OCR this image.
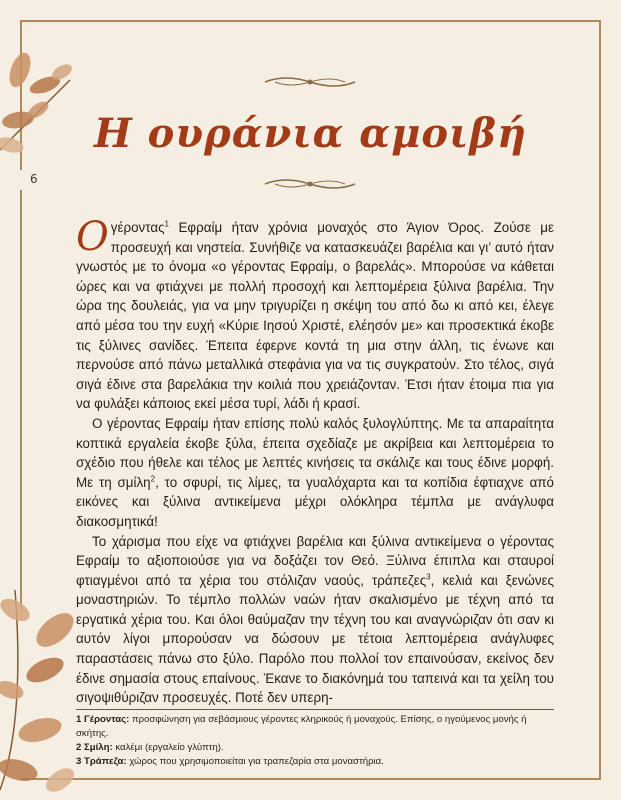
Η ουράνια αμοιβή
6

Ογέροντας$^1$ Εφραίμ ήταν χρόνια μοναχός στο Άγιον Όρος. Ζούσε με προσευχή και νηστεία. Συνήθιζε να κατασκευάζει βαρέλια και γι’ αυτό ήταν γνωστός με το όνομα «ο γέροντας Εφραίμ, ο βαρελάς». Μπορούσε να κάθεται ώρες και να φτιάχνει με πολλή προσοχή και λεπτομέρεια ξύλινα βαρέλια. Την ώρα της δουλειάς, για να μην τριγυρίζει η σκέψη του από δω κι από κει, έλεγε από μέσα του την ευχή «Κύριε Ιησού Χριστέ, ελέησόν με» και προσεκτικά έκοβε τις ξύλινες σανίδες. Έπειτα έφερνε κοντά τη μια στην άλλη, τις ένωνε και περνούσε από πάνω μεταλλικά στεφάνια για να τις συγκρατούν. Στο τέλος, σιγά σιγά έδινε στα βαρελάκια την κοιλιά που χρειάζονταν. Έτσι ήταν έτοιμα πια για να φυλάξει κάποιος εκεί μέσα τυρί, λάδι ή κρασί.

Ο γέροντας Εφραίμ ήταν επίσης πολύ καλός ξυλογλύπτης. Με τα απαραίτητα κοπτικά εργαλεία έκοβε ξύλα, έπειτα σχεδίαζε με ακρίβεια και λεπτομέρεια το σχέδιο που ήθελε και τέλος με λεπτές κινήσεις τα σκάλιζε και τους έδινε μορφή. Με τη σμίλη$^2$, το σφυρί, τις λίμες, τα γυαλόχαρτα και τα κοπίδια έφτιαχνε από εικόνες και ξύλινα αντικείμενα μέχρι ολόκληρα τέμπλα με ανάγλυφα διακοσμητικά!

Το χάρισμα που είχε να φτιάχνει βαρέλια και ξύλινα αντικείμενα ο γέροντας Εφραίμ το αξιοποιούσε για να δοξάζει τον Θεό. Ξύλινα έπιπλα και σταυροί φτιαγμένοι από τα χέρια του στόλιζαν ναούς, τράπεζες$^3$, κελιά και ξενώνες μοναστηριών. Το τέμπλο πολλών ναών ήταν σκαλισμένο με τέχνη από τα εργατικά χέρια του. Και όλοι θαύμαζαν την τέχνη του και αναγνώριζαν ότι σαν κι αυτόν λίγοι μπορούσαν να δώσουν με τέτοια λεπτομέρεια ανάγλυφες παραστάσεις πάνω στο ξύλο. Παρόλο που πολλοί τον επαινούσαν, εκείνος δεν έδινε σημασία στους επαίνους. Έκανε το διακόνημά του ταπεινά και τα χείλη του σιγοψιθύριζαν προσευχές. Ποτέ δεν υπερη-

1 Γέροντας: προσφώνηση για σεβάσμιους γέροντες κληρικούς ή μοναχούς. Επίσης, ο ηγούμενος μονής ή σκήτης.
2 Σμίλη: καλέμι (εργαλείο γλύπτη).
3 Τράπεζα: χώρος που χρησιμοποιείται για τραπεζαρία στα μοναστήρια.
